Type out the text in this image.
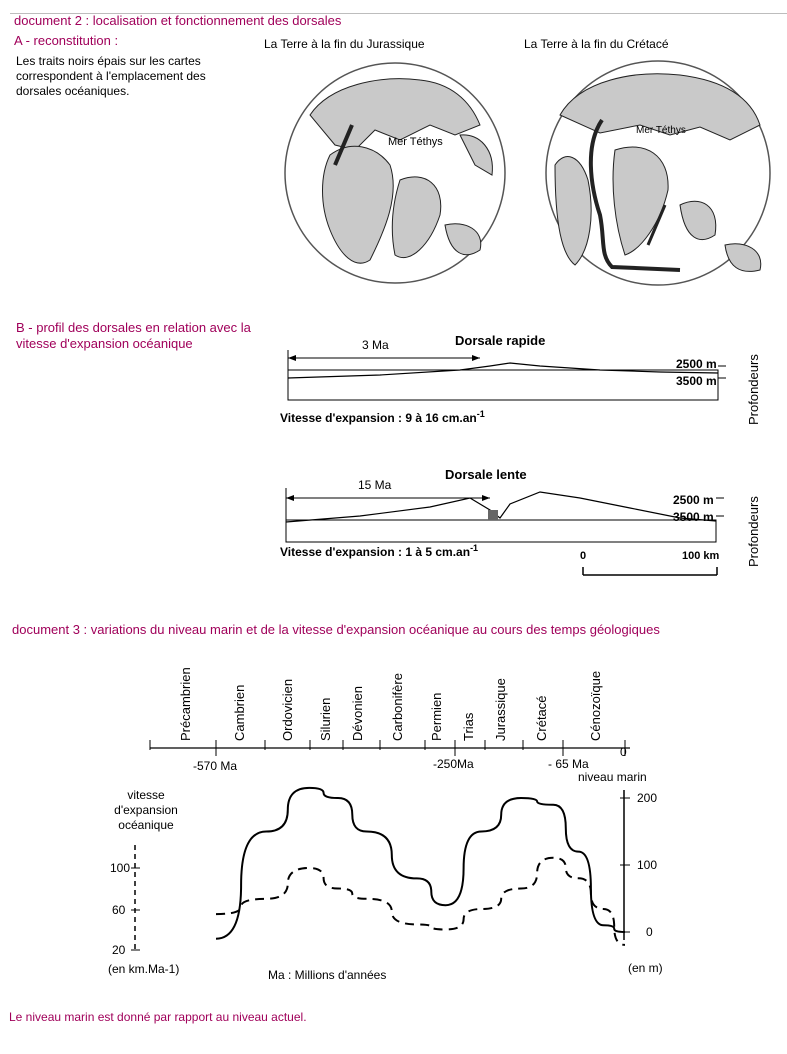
document 2 : localisation et fonctionnement des dorsales
A - reconstitution :
Les traits noirs épais sur les cartes correspondent à l'emplacement des dorsales océaniques.
La Terre à la fin du Jurassique	La Terre à la fin du Crétacé
Mer Téthys
Mer Téthys
B - profil des dorsales en relation avec la vitesse d'expansion océanique	3 Ma	Dorsale rapide
2500 m
3500 m
Vitesse d'expansion : 9 à 16 $cm.an^{-1}$	Profondeurs
15 Ma
Dorsale lente
2500 m
3500 m
Vitesse d'expansion : 1 à 5 $cm.an^{-1}$	Profondeurs
0	100 km
document 3 : variations du niveau marin et de la vitesse d'expansion océanique au cours des temps géologiques
Précambrien	Cambrien	Ordovicien Silurien Dévonien Carbonifère Permien Trias Jurassique Crétacé	Cénozoïque
-570 Ma	-250Ma	- 65 Ma
0
vitesse
d'expansion
océanique
100
60
20
(en km.Ma-1)
niveau marin
200
100
0
(en m)
Ma : Millions d'années
Le niveau marin est donné par rapport au niveau actuel.
